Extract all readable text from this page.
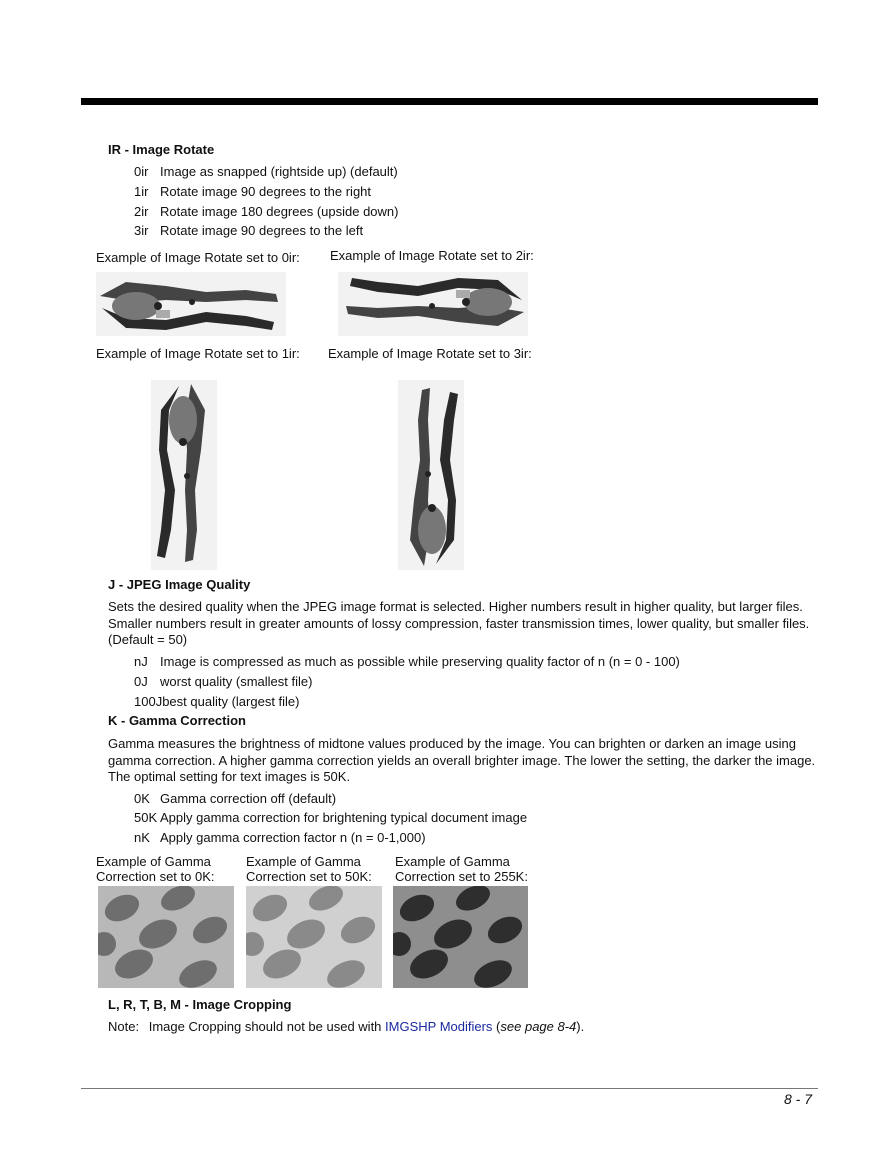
IR - Image Rotate
0ir Image as snapped (rightside up) (default)
1ir Rotate image 90 degrees to the right
2ir Rotate image 180 degrees (upside down)
3ir Rotate image 90 degrees to the left
Example of Image Rotate set to 0ir: Example of Image Rotate set to 2ir:
Example of Image Rotate set to 1ir: Example of Image Rotate set to 3ir:
J - JPEG Image Quality
Sets the desired quality when the JPEG image format is selected. Higher numbers result in higher quality, but larger files. Smaller numbers result in greater amounts of lossy compression, faster transmission times, lower quality, but smaller files. (Default = 50)
nJ Image is compressed as much as possible while preserving quality factor of n (n = 0 - 100)
0J worst quality (smallest file)
100Jbest quality (largest file)
K - Gamma Correction
Gamma measures the brightness of midtone values produced by the image. You can brighten or darken an image using gamma correction. A higher gamma correction yields an overall brighter image. The lower the setting, the darker the image. The optimal setting for text images is 50K.
0K Gamma correction off (default)
50K Apply gamma correction for brightening typical document image
nK Apply gamma correction factor n (n = 0-1,000)
Example of Gamma
Correction set to 0K:
Example of Gamma
Correction set to 50K:
Example of Gamma
Correction set to 255K:
L, R, T, B, M - Image Cropping
Note: Image Cropping should not be used with IMGSHP Modifiers (see page 8-4).
8 - 7
